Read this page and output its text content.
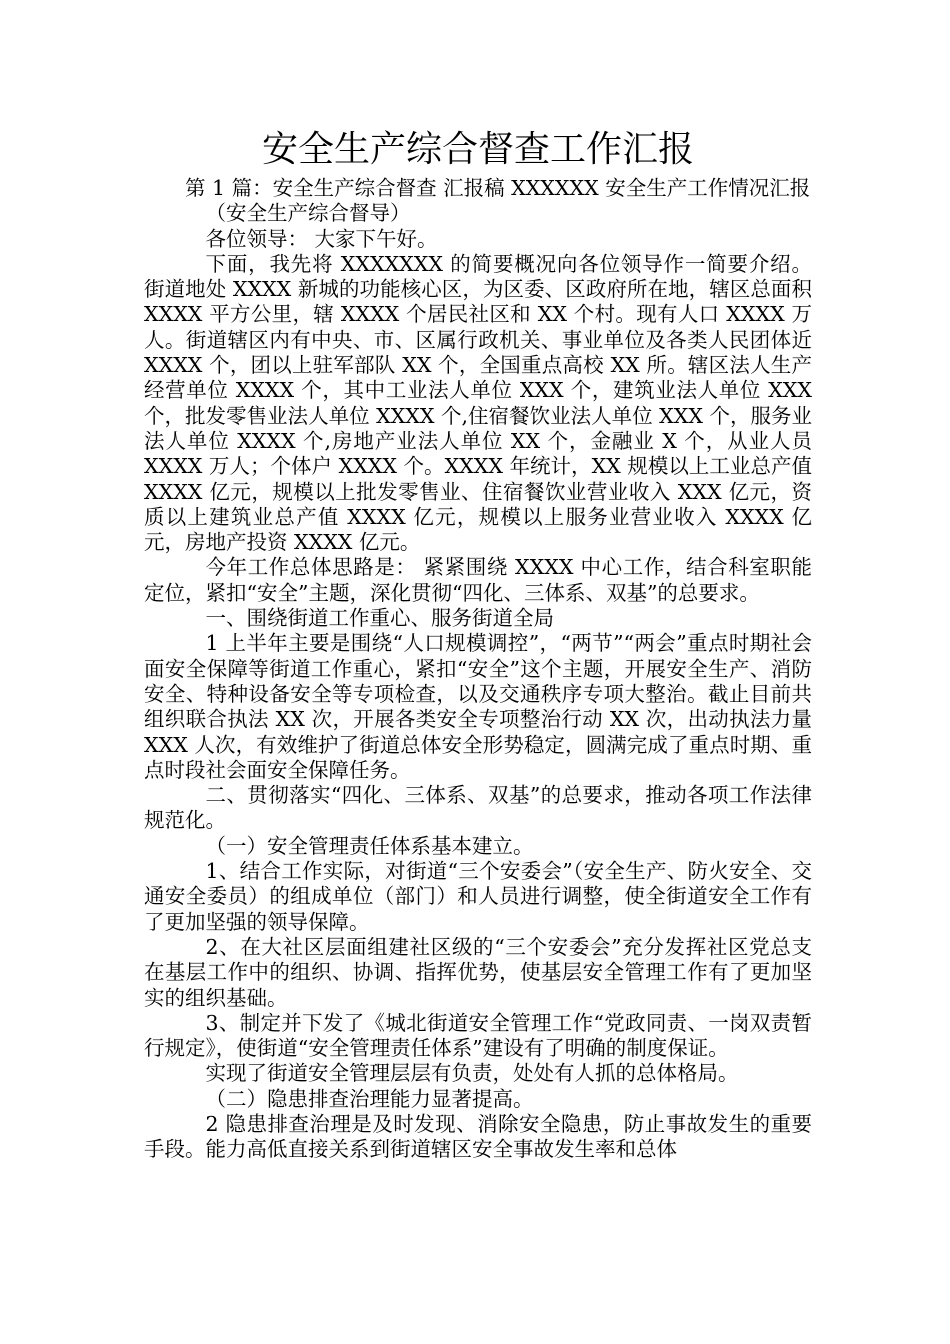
安全生产综合督查工作汇报

第 1 篇：安全生产综合督查 汇报稿 XXXXXX 安全生产工作情况汇报

（安全生产综合督导）

各位领导： 大家下午好。

下面，我先将 XXXXXXX 的简要概况向各位领导作一简要介绍。街道地处 XXXX 新城的功能核心区，为区委、区政府所在地，辖区总面积 XXXX 平方公里，辖 XXXX 个居民社区和 XX 个村。现有人口 XXXX 万人。街道辖区内有中央、市、区属行政机关、事业单位及各类人民团体近 XXXX 个，团以上驻军部队 XX 个，全国重点高校 XX 所。辖区法人生产经营单位 XXXX 个，其中工业法人单位 XXX 个，建筑业法人单位 XXX 个，批发零售业法人单位 XXXX 个,住宿餐饮业法人单位 XXX 个，服务业法人单位 XXXX 个,房地产业法人单位 XX 个，金融业 X 个，从业人员 XXXX 万人；个体户 XXXX 个。XXXX 年统计，XX 规模以上工业总产值 XXXX 亿元，规模以上批发零售业、住宿餐饮业营业收入 XXX 亿元，资质以上建筑业总产值 XXXX 亿元，规模以上服务业营业收入 XXXX 亿元，房地产投资 XXXX 亿元。

今年工作总体思路是： 紧紧围绕 XXXX 中心工作，结合科室职能定位，紧扣“安全”主题，深化贯彻“四化、三体系、双基”的总要求。

一、围绕街道工作重心、服务街道全局

1 上半年主要是围绕“人口规模调控”，“两节”“两会”重点时期社会面安全保障等街道工作重心，紧扣“安全”这个主题，开展安全生产、消防安全、特种设备安全等专项检查，以及交通秩序专项大整治。截止目前共组织联合执法 XX 次，开展各类安全专项整治行动 XX 次，出动执法力量 XXX 人次，有效维护了街道总体安全形势稳定，圆满完成了重点时期、重点时段社会面安全保障任务。

二、贯彻落实“四化、三体系、双基”的总要求，推动各项工作法律规范化。

（一）安全管理责任体系基本建立。

1、结合工作实际，对街道“三个安委会”（安全生产、防火安全、交通安全委员）的组成单位（部门）和人员进行调整，使全街道安全工作有了更加坚强的领导保障。

2、在大社区层面组建社区级的“三个安委会”充分发挥社区党总支在基层工作中的组织、协调、指挥优势，使基层安全管理工作有了更加坚实的组织基础。

3、制定并下发了《城北街道安全管理工作“党政同责、一岗双责暂行规定》，使街道“安全管理责任体系”建设有了明确的制度保证。

实现了街道安全管理层层有负责，处处有人抓的总体格局。

（二）隐患排查治理能力显著提高。

2 隐患排查治理是及时发现、消除安全隐患，防止事故发生的重要手段。能力高低直接关系到街道辖区安全事故发生率和总体
